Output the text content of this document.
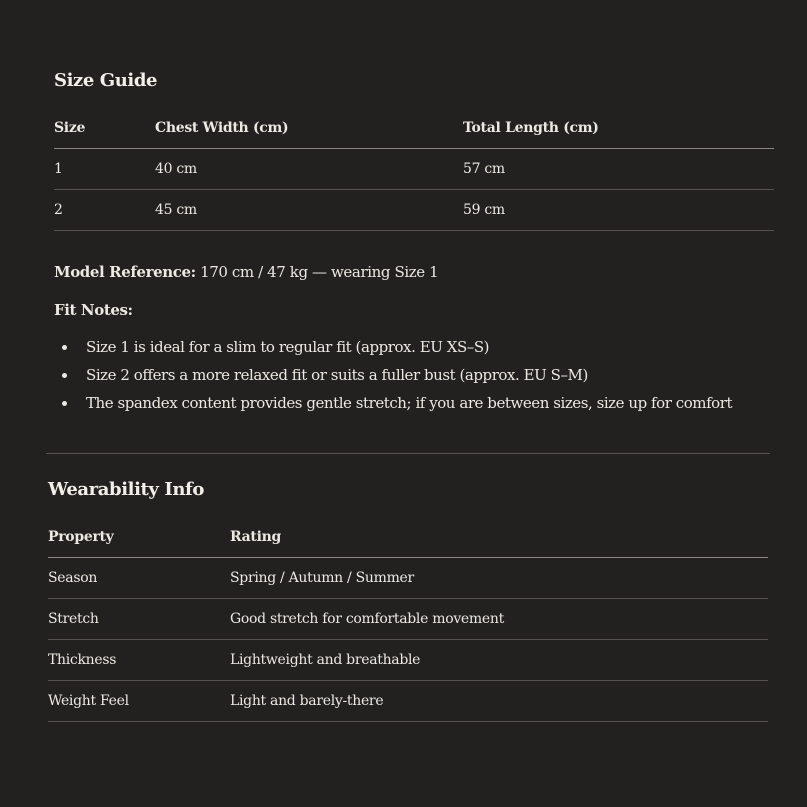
Size Guide
Size	Chest Width (cm)	Total Length (cm)
1	40 cm	57 cm
2	45 cm	59 cm
Model Reference: 170 cm / 47 kg — wearing Size 1
Fit Notes:
Size 1 is ideal for a slim to regular fit (approx. EU XS–S)
Size 2 offers a more relaxed fit or suits a fuller bust (approx. EU S–M)
The spandex content provides gentle stretch; if you are between sizes, size up for comfort
Wearability Info
Property	Rating
Season	Spring / Autumn / Summer
Stretch	Good stretch for comfortable movement
Thickness	Lightweight and breathable
Weight Feel	Light and barely-there
